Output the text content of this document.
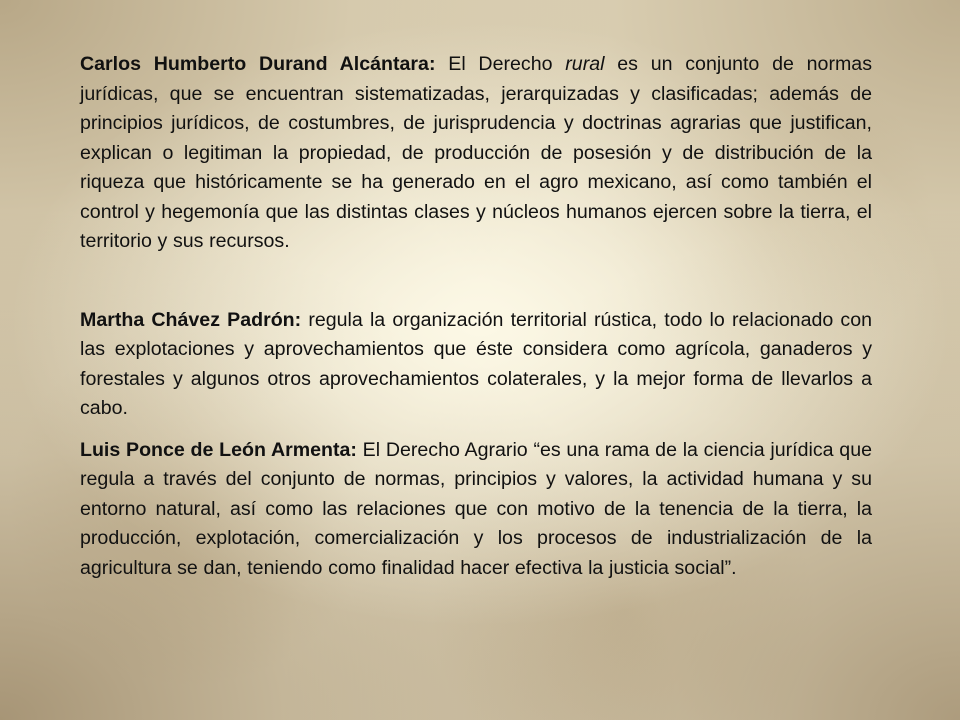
Carlos Humberto Durand Alcántara: El Derecho rural es un conjunto de normas jurídicas, que se encuentran sistematizadas, jerarquizadas y clasificadas; además de principios jurídicos, de costumbres, de jurisprudencia y doctrinas agrarias que justifican, explican o legitiman la propiedad, de producción de posesión y de distribución de la riqueza que históricamente se ha generado en el agro mexicano, así como también el control y hegemonía que las distintas clases y núcleos humanos ejercen sobre la tierra, el territorio y sus recursos.

Martha Chávez Padrón: regula la organización territorial rústica, todo lo relacionado con las explotaciones y aprovechamientos que éste considera como agrícola, ganaderos y forestales y algunos otros aprovechamientos colaterales, y la mejor forma de llevarlos a cabo.

Luis Ponce de León Armenta: El Derecho Agrario “es una rama de la ciencia jurídica que regula a través del conjunto de normas, principios y valores, la actividad humana y su entorno natural, así como las relaciones que con motivo de la tenencia de la tierra, la producción, explotación, comercialización y los procesos de industrialización de la agricultura se dan, teniendo como finalidad hacer efectiva la justicia social”.
